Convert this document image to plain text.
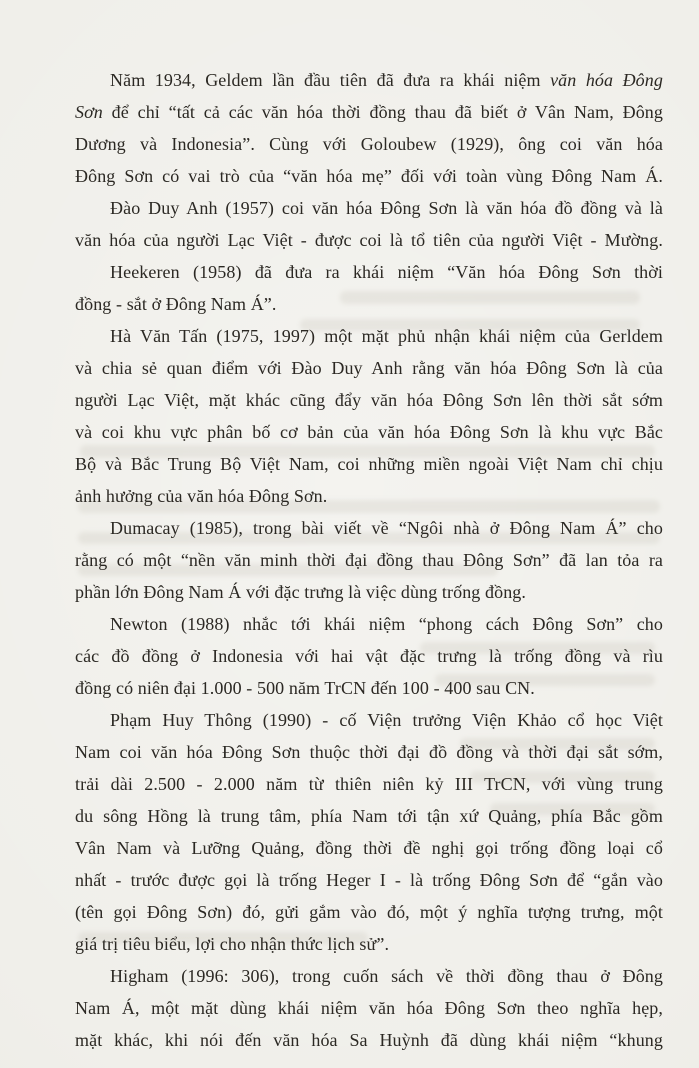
Năm 1934, Geldem lần đầu tiên đã đưa ra khái niệm văn hóa Đông
Sơn để chỉ “tất cả các văn hóa thời đồng thau đã biết ở Vân Nam, Đông
Dương và Indonesia”. Cùng với Goloubew (1929), ông coi văn hóa
Đông Sơn có vai trò của “văn hóa mẹ” đối với toàn vùng Đông Nam Á.
Đào Duy Anh (1957) coi văn hóa Đông Sơn là văn hóa đồ đồng và là
văn hóa của người Lạc Việt - được coi là tổ tiên của người Việt - Mường.
Heekeren (1958) đã đưa ra khái niệm “Văn hóa Đông Sơn thời
đồng - sắt ở Đông Nam Á”.
Hà Văn Tấn (1975, 1997) một mặt phủ nhận khái niệm của Gerldem
và chia sẻ quan điểm với Đào Duy Anh rằng văn hóa Đông Sơn là của
người Lạc Việt, mặt khác cũng đẩy văn hóa Đông Sơn lên thời sắt sớm
và coi khu vực phân bố cơ bản của văn hóa Đông Sơn là khu vực Bắc
Bộ và Bắc Trung Bộ Việt Nam, coi những miền ngoài Việt Nam chỉ chịu
ảnh hưởng của văn hóa Đông Sơn.
Dumacay (1985), trong bài viết về “Ngôi nhà ở Đông Nam Á” cho
rằng có một “nền văn minh thời đại đồng thau Đông Sơn” đã lan tỏa ra
phần lớn Đông Nam Á với đặc trưng là việc dùng trống đồng.
Newton (1988) nhắc tới khái niệm “phong cách Đông Sơn” cho
các đồ đồng ở Indonesia với hai vật đặc trưng là trống đồng và rìu
đồng có niên đại 1.000 - 500 năm TrCN đến 100 - 400 sau CN.
Phạm Huy Thông (1990) - cố Viện trưởng Viện Khảo cổ học Việt
Nam coi văn hóa Đông Sơn thuộc thời đại đồ đồng và thời đại sắt sớm,
trải dài 2.500 - 2.000 năm từ thiên niên kỷ III TrCN, với vùng trung
du sông Hồng là trung tâm, phía Nam tới tận xứ Quảng, phía Bắc gồm
Vân Nam và Lưỡng Quảng, đồng thời đề nghị gọi trống đồng loại cổ
nhất - trước được gọi là trống Heger I - là trống Đông Sơn để “gắn vào
(tên gọi Đông Sơn) đó, gửi gắm vào đó, một ý nghĩa tượng trưng, một
giá trị tiêu biểu, lợi cho nhận thức lịch sử”.
Higham (1996: 306), trong cuốn sách về thời đồng thau ở Đông
Nam Á, một mặt dùng khái niệm văn hóa Đông Sơn theo nghĩa hẹp,
mặt khác, khi nói đến văn hóa Sa Huỳnh đã dùng khái niệm “khung
